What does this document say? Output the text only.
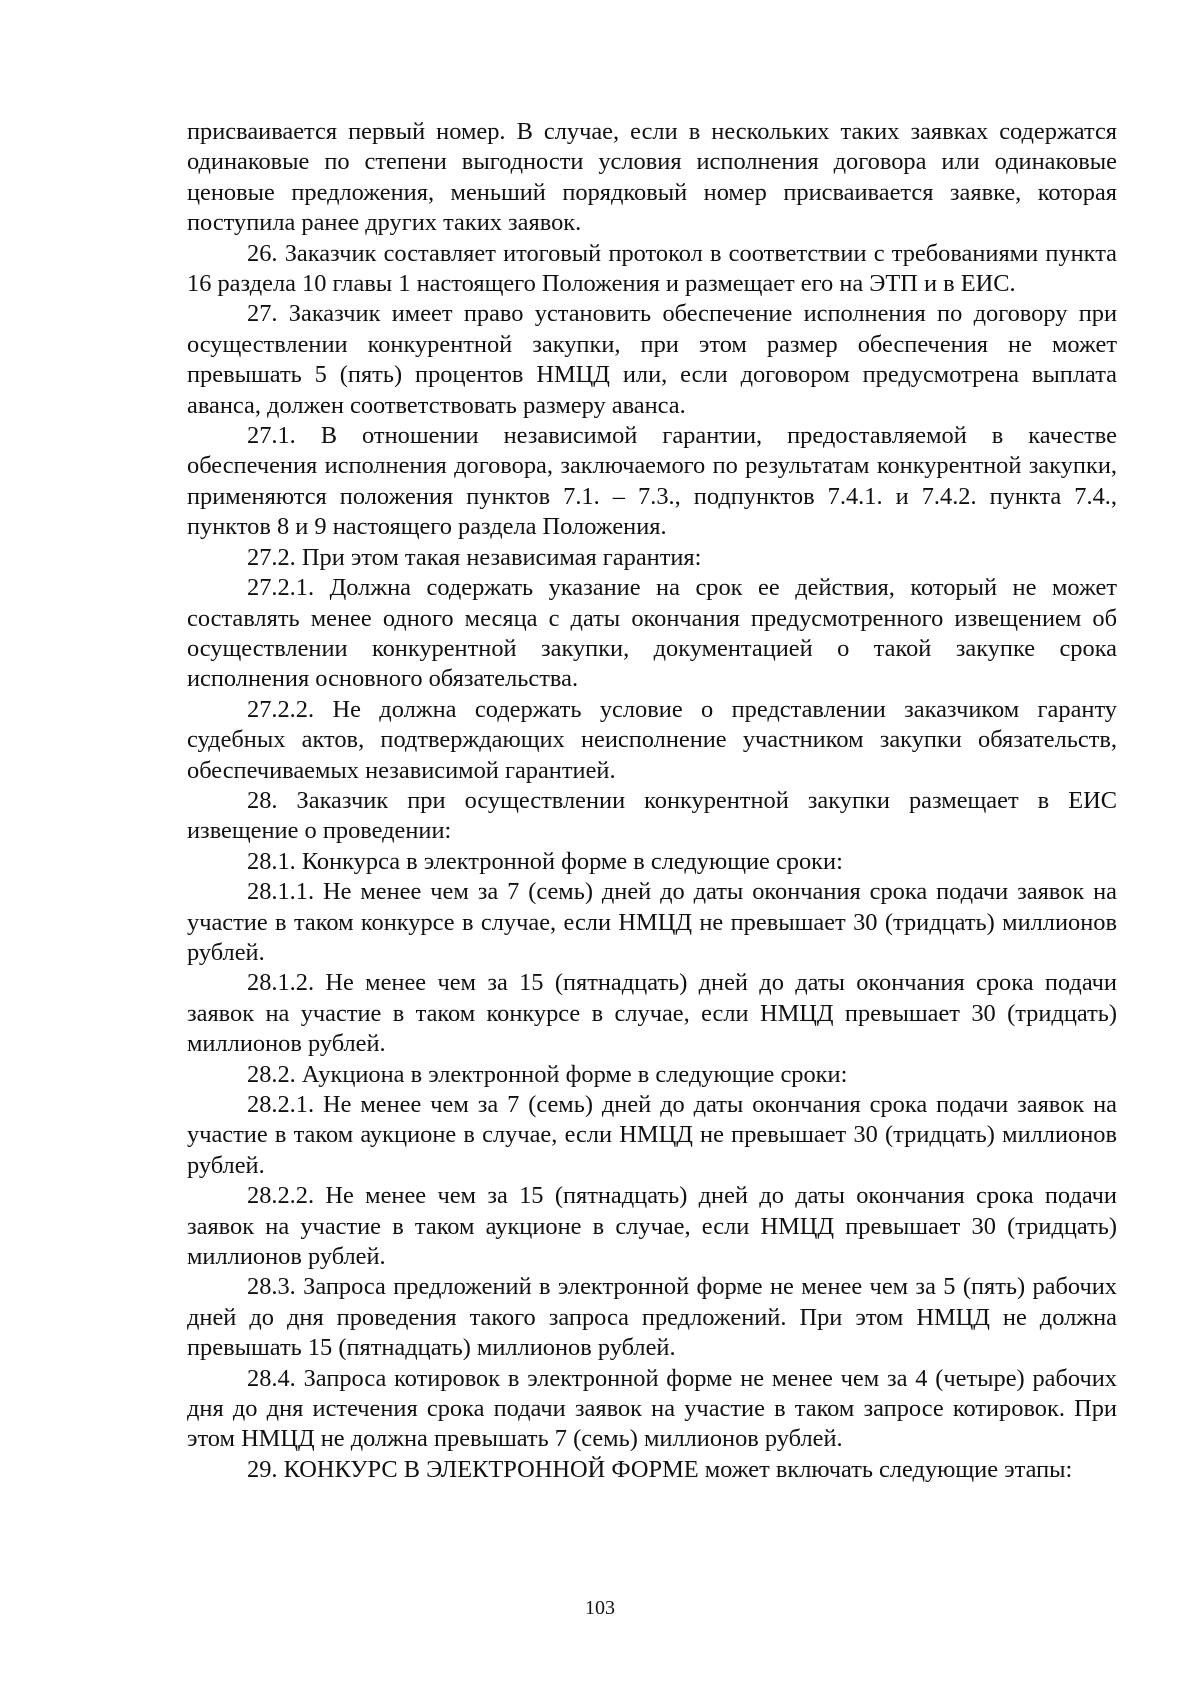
присваивается первый номер. В случае, если в нескольких таких заявках содержатся одинаковые по степени выгодности условия исполнения договора или одинаковые ценовые предложения, меньший порядковый номер присваивается заявке, которая поступила ранее других таких заявок.

26. Заказчик составляет итоговый протокол в соответствии с требованиями пункта 16 раздела 10 главы 1 настоящего Положения и размещает его на ЭТП и в ЕИС.

27. Заказчик имеет право установить обеспечение исполнения по договору при осуществлении конкурентной закупки, при этом размер обеспечения не может превышать 5 (пять) процентов НМЦД или, если договором предусмотрена выплата аванса, должен соответствовать размеру аванса.

27.1. В отношении независимой гарантии, предоставляемой в качестве обеспечения исполнения договора, заключаемого по результатам конкурентной закупки, применяются положения пунктов 7.1. – 7.3., подпунктов 7.4.1. и 7.4.2. пункта 7.4., пунктов 8 и 9 настоящего раздела Положения.

27.2. При этом такая независимая гарантия:

27.2.1. Должна содержать указание на срок ее действия, который не может составлять менее одного месяца с даты окончания предусмотренного извещением об осуществлении конкурентной закупки, документацией о такой закупке срока исполнения основного обязательства.

27.2.2. Не должна содержать условие о представлении заказчиком гаранту судебных актов, подтверждающих неисполнение участником закупки обязательств, обеспечиваемых независимой гарантией.

28. Заказчик при осуществлении конкурентной закупки размещает в ЕИС извещение о проведении:

28.1. Конкурса в электронной форме в следующие сроки:

28.1.1. Не менее чем за 7 (семь) дней до даты окончания срока подачи заявок на участие в таком конкурсе в случае, если НМЦД не превышает 30 (тридцать) миллионов рублей.

28.1.2. Не менее чем за 15 (пятнадцать) дней до даты окончания срока подачи заявок на участие в таком конкурсе в случае, если НМЦД превышает 30 (тридцать) миллионов рублей.

28.2. Аукциона в электронной форме в следующие сроки:

28.2.1. Не менее чем за 7 (семь) дней до даты окончания срока подачи заявок на участие в таком аукционе в случае, если НМЦД не превышает 30 (тридцать) миллионов рублей.

28.2.2. Не менее чем за 15 (пятнадцать) дней до даты окончания срока подачи заявок на участие в таком аукционе в случае, если НМЦД превышает 30 (тридцать) миллионов рублей.

28.3. Запроса предложений в электронной форме не менее чем за 5 (пять) рабочих дней до дня проведения такого запроса предложений. При этом НМЦД не должна превышать 15 (пятнадцать) миллионов рублей.

28.4. Запроса котировок в электронной форме не менее чем за 4 (четыре) рабочих дня до дня истечения срока подачи заявок на участие в таком запросе котировок. При этом НМЦД не должна превышать 7 (семь) миллионов рублей.

29. КОНКУРС В ЭЛЕКТРОННОЙ ФОРМЕ может включать следующие этапы:

103
